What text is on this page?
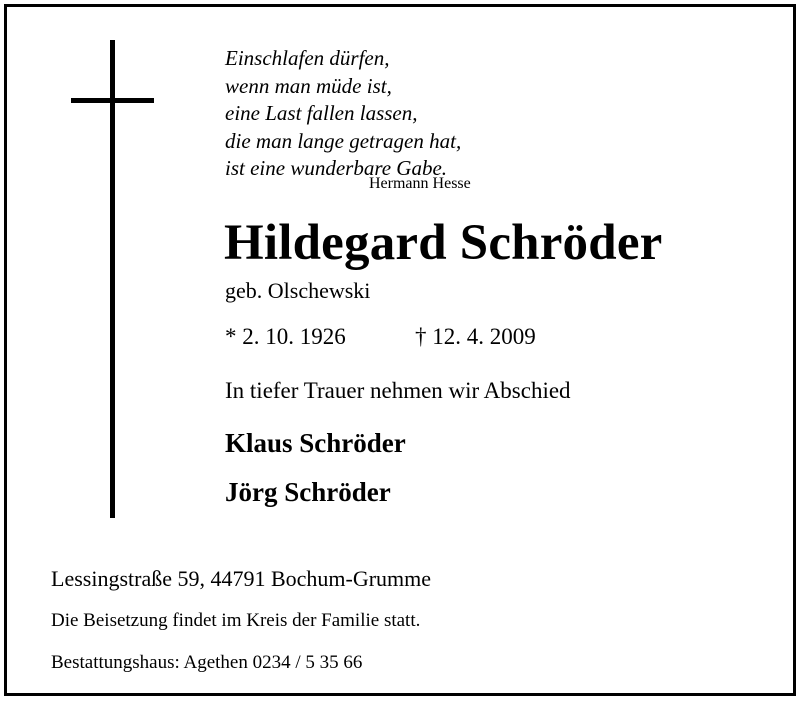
Einschlafen dürfen,
wenn man müde ist,
eine Last fallen lassen,
die man lange getragen hat,
ist eine wunderbare Gabe.
Hermann Hesse
Hildegard Schröder
geb. Olschewski
* 2. 10. 1926	† 12. 4. 2009
In tiefer Trauer nehmen wir Abschied
Klaus Schröder
Jörg Schröder
Lessingstraße 59, 44791 Bochum-Grumme
Die Beisetzung findet im Kreis der Familie statt.
Bestattungshaus: Agethen 0234 / 5 35 66
